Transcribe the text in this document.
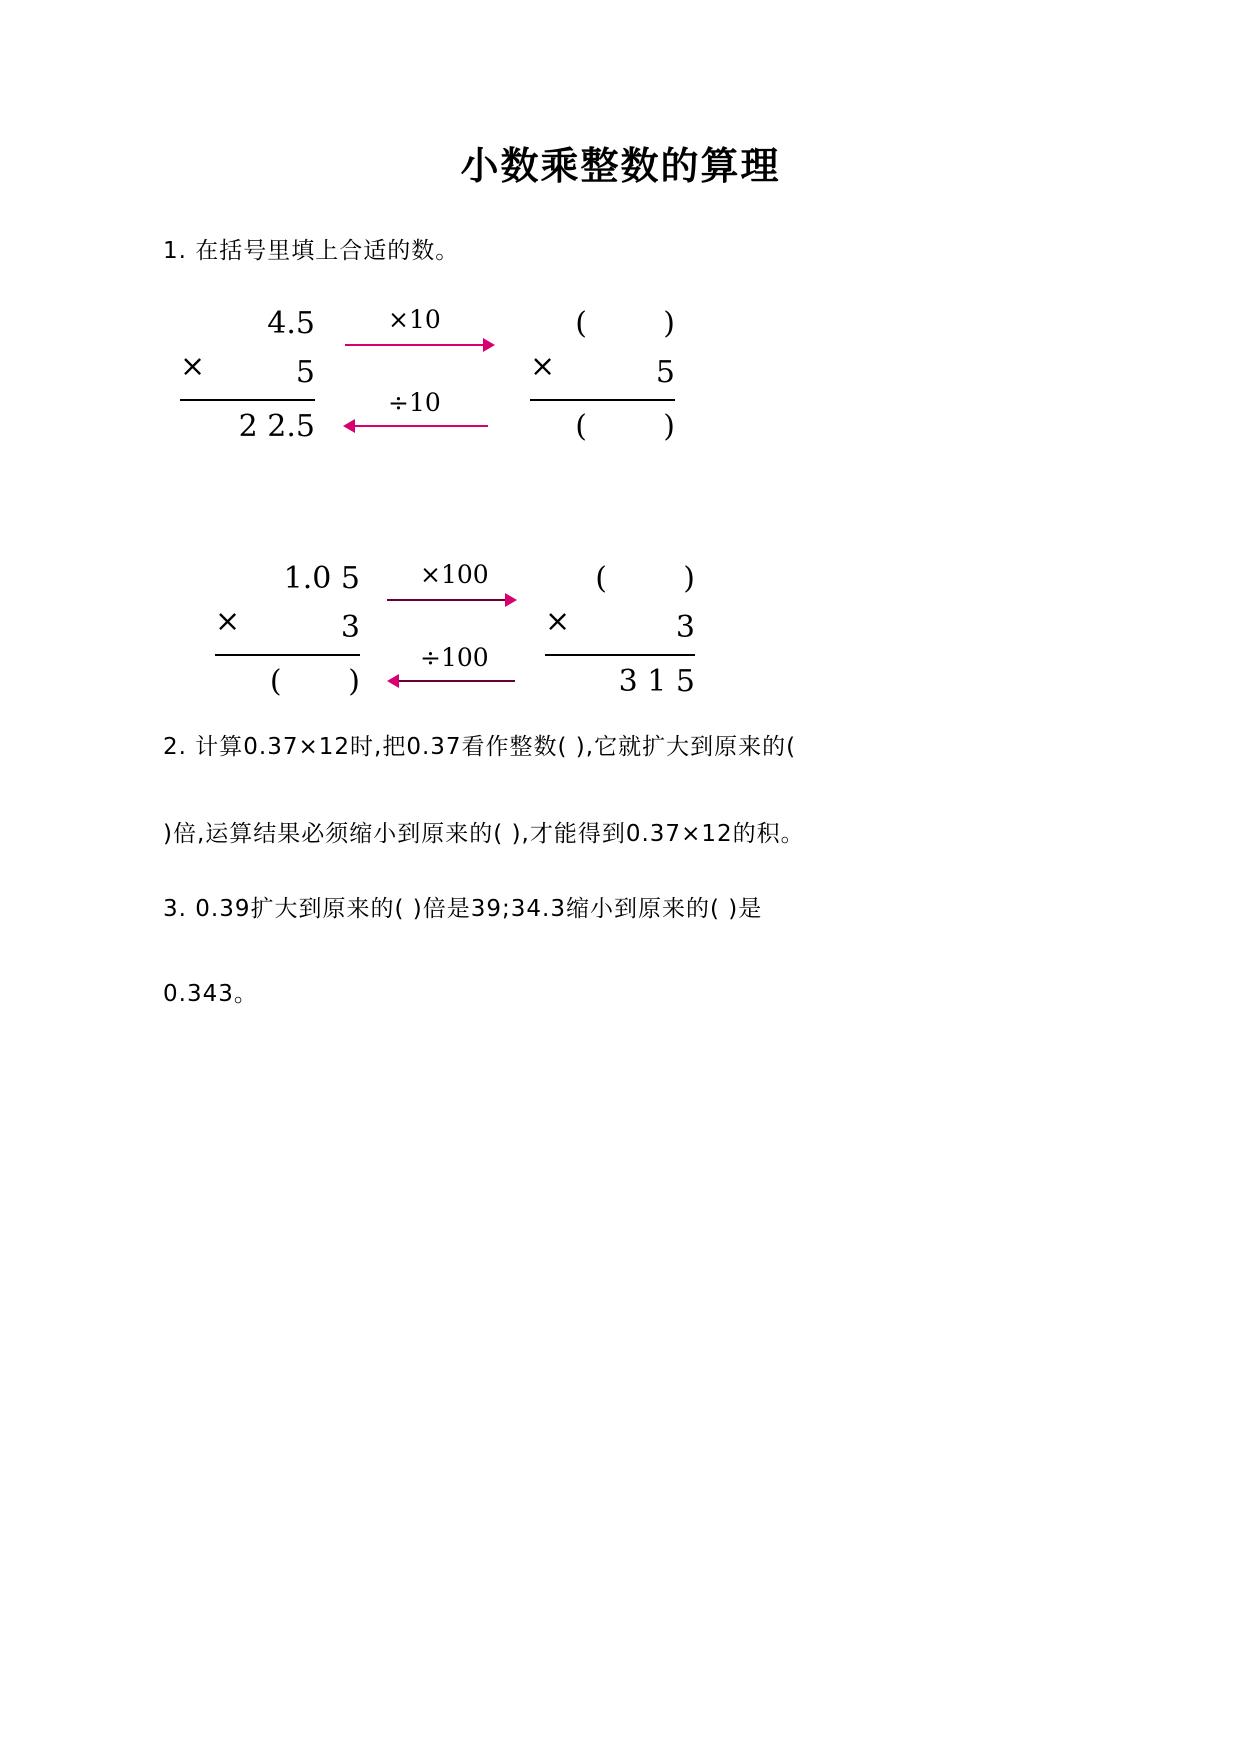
小数乘整数的算理
1. 在括号里填上合适的数。
4.5
×	5
2 2.5
(        )
×	5
(        )
×10
÷10
1.0 5
×	3
(       )
(        )
×	3
3 1 5
×100
÷100
2. 计算0.37×12时,把0.37看作整数( ),它就扩大到原来的(
)倍,运算结果必须缩小到原来的( ),才能得到0.37×12的积。
3. 0.39扩大到原来的( )倍是39;34.3缩小到原来的( )是
0.343。
